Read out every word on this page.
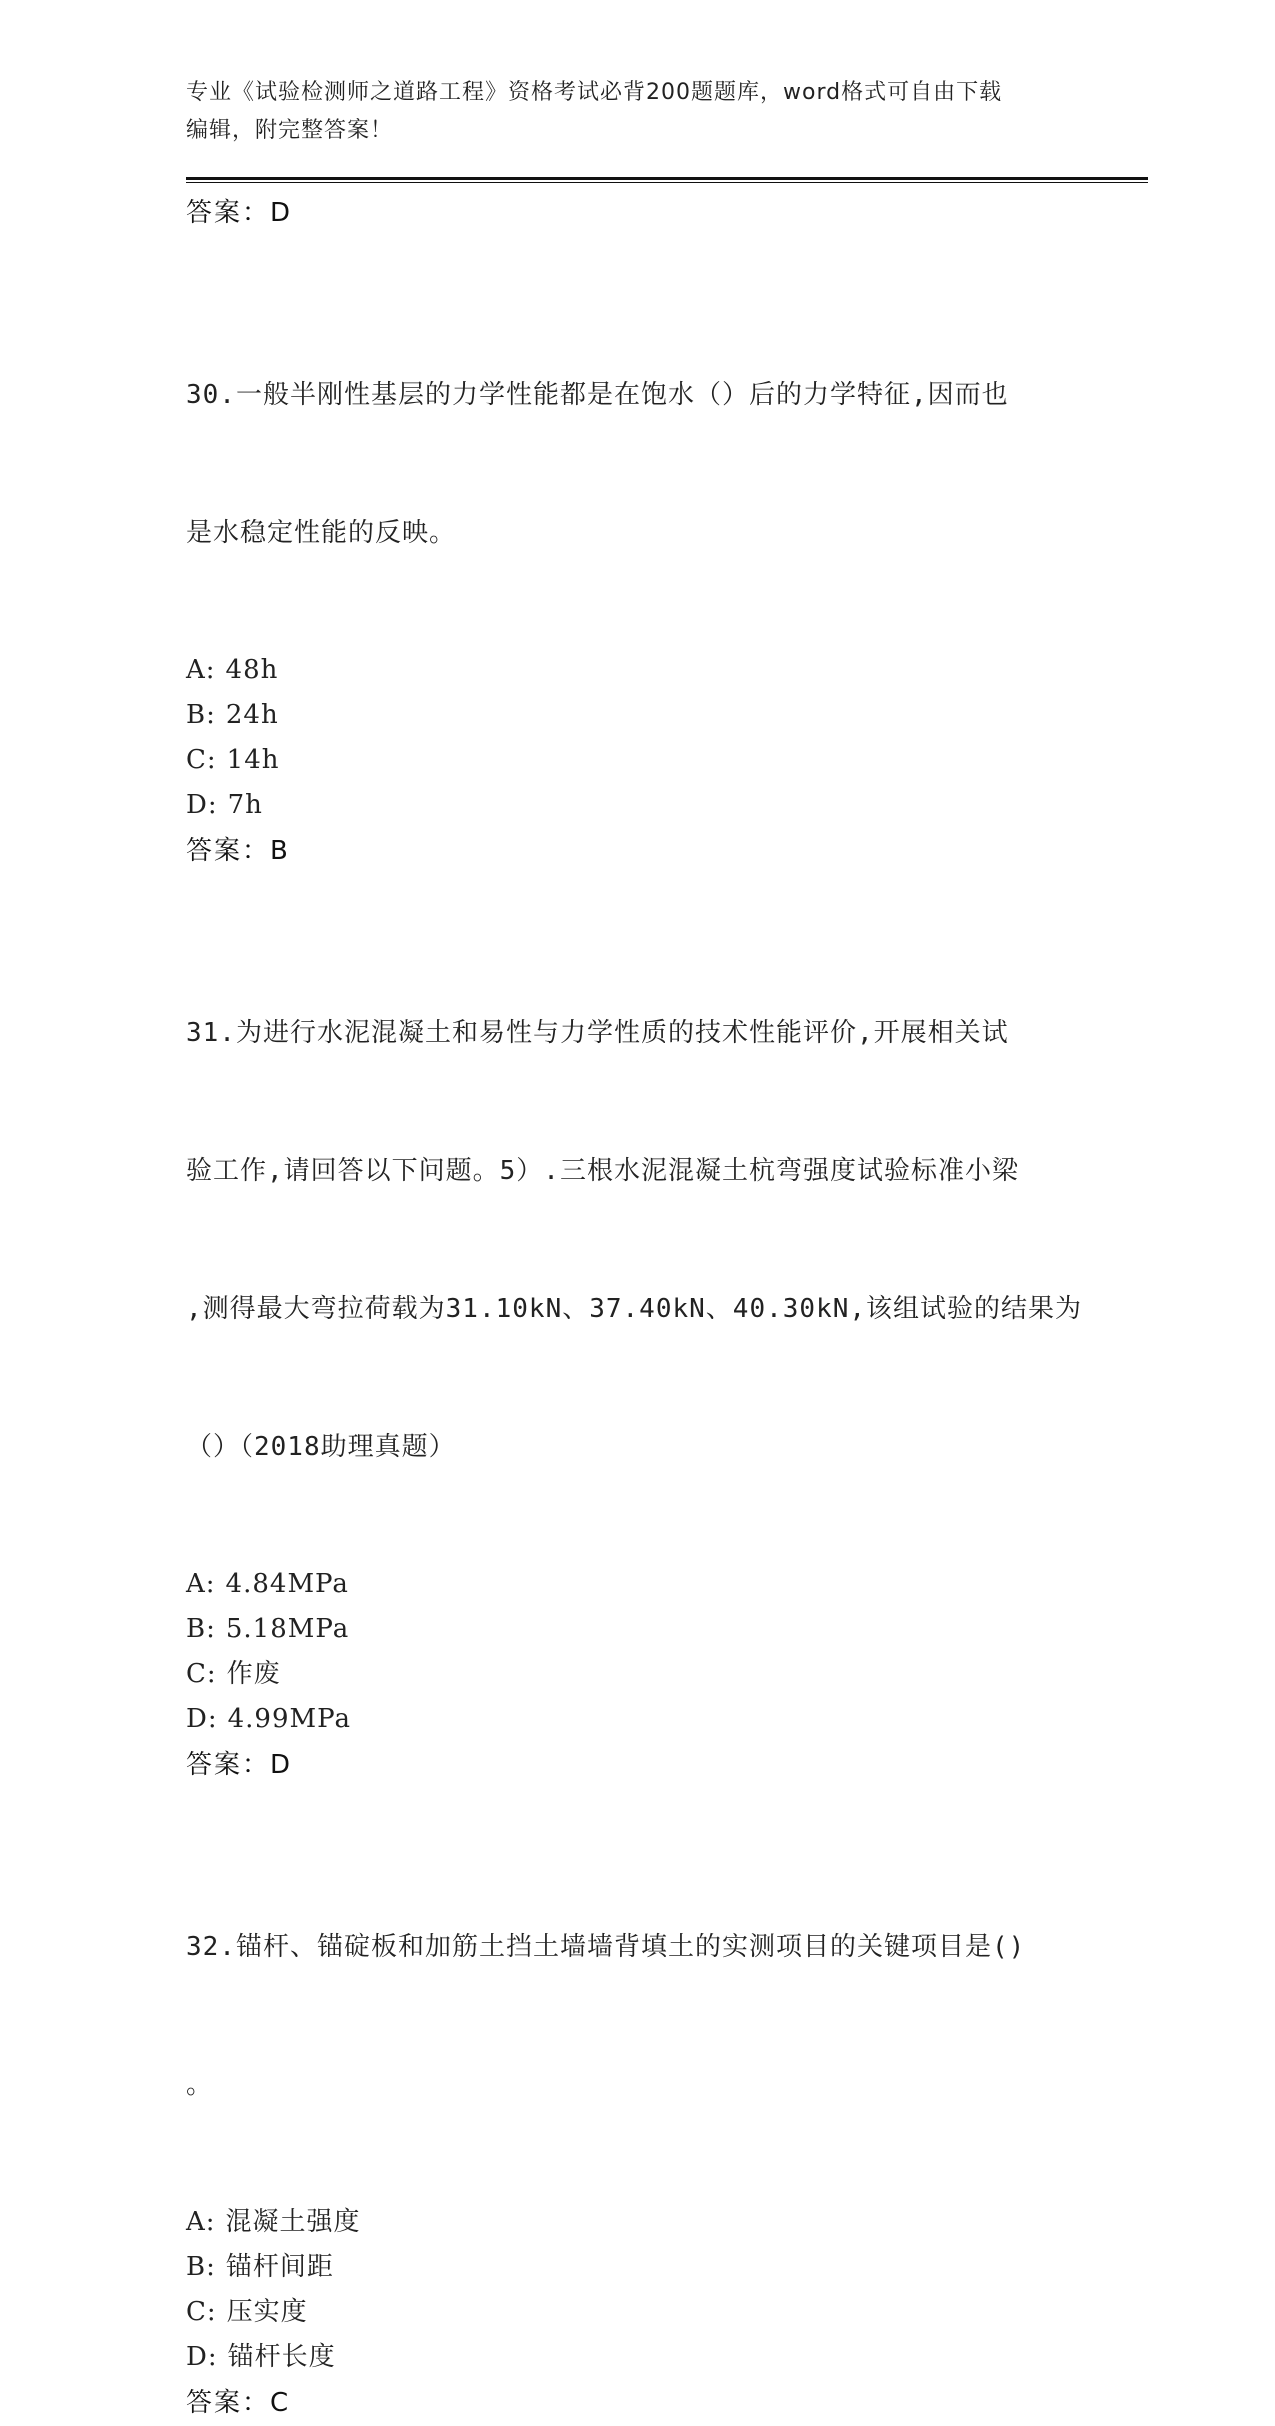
专业《试验检测师之道路工程》资格考试必背200题题库，word格式可自由下载
编辑，附完整答案！
答案：D

30.一般半刚性基层的力学性能都是在饱水（）后的力学特征,因而也

是水稳定性能的反映。

A: 48h
B: 24h
C: 14h
D: 7h
答案：B

31.为进行水泥混凝土和易性与力学性质的技术性能评价,开展相关试

验工作,请回答以下问题。5）.三根水泥混凝土杭弯强度试验标准小梁

,测得最大弯拉荷载为31.10kN、37.40kN、40.30kN,该组试验的结果为

（）（2018助理真题）

A: 4.84MPa
B: 5.18MPa
C: 作废
D: 4.99MPa
答案：D

32.锚杆、锚碇板和加筋土挡土墙墙背填土的实测项目的关键项目是()

。

A: 混凝土强度
B: 锚杆间距
C: 压实度
D: 锚杆长度
答案：C
